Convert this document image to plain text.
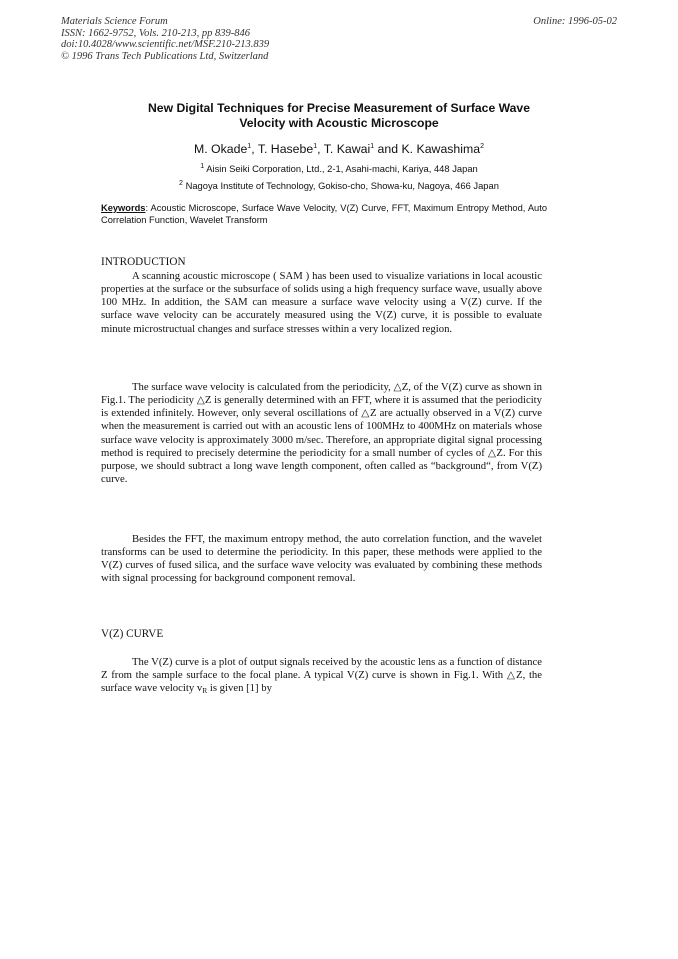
Materials Science Forum
ISSN: 1662-9752, Vols. 210-213, pp 839-846
doi:10.4028/www.scientific.net/MSF.210-213.839
© 1996 Trans Tech Publications Ltd, Switzerland
Online: 1996-05-02
New Digital Techniques for Precise Measurement of Surface Wave
Velocity with Acoustic Microscope
M. Okade$^1$, T. Hasebe$^1$, T. Kawai$^1$ and K. Kawashima$^2$
$^1$ Aisin Seiki Corporation, Ltd., 2-1, Asahi-machi, Kariya, 448 Japan
$^2$ Nagoya Institute of Technology, Gokiso-cho, Showa-ku, Nagoya, 466 Japan
Keywords: Acoustic Microscope, Surface Wave Velocity, V(Z) Curve, FFT, Maximum Entropy Method, Auto Correlation Function, Wavelet Transform
INTRODUCTION

A scanning acoustic microscope ( SAM ) has been used to visualize variations in local acoustic properties at the surface or the subsurface of solids using a high frequency surface wave, usually above 100 MHz. In addition, the SAM can measure a surface wave velocity using a V(Z) curve. If the surface wave velocity can be accurately measured using the V(Z) curve, it is possible to evaluate minute microstructual changes and surface stresses within a very localized region.

The surface wave velocity is calculated from the periodicity, △Z, of the V(Z) curve as shown in Fig.1. The periodicity △Z is generally determined with an FFT, where it is assumed that the periodicity is extended infinitely. However, only several oscillations of △Z are actually observed in a V(Z) curve when the measurement is carried out with an acoustic lens of 100MHz to 400MHz on materials whose surface wave velocity is approximately 3000 m/sec. Therefore, an appropriate digital signal processing method is required to precisely determine the periodicity for a small number of cycles of △Z. For this purpose, we should subtract a long wave length component, often called as “background“, from V(Z) curve.

Besides the FFT, the maximum entropy method, the auto correlation function, and the wavelet transforms can be used to determine the periodicity. In this paper, these methods were applied to the V(Z) curves of fused silica, and the surface wave velocity was evaluated by combining these methods with signal processing for background component removal.

V(Z) CURVE

The V(Z) curve is a plot of output signals received by the acoustic lens as a function of distance Z from the sample surface to the focal plane. A typical V(Z) curve is shown in Fig.1. With △Z, the surface wave velocity $v_R$ is given [1] by
